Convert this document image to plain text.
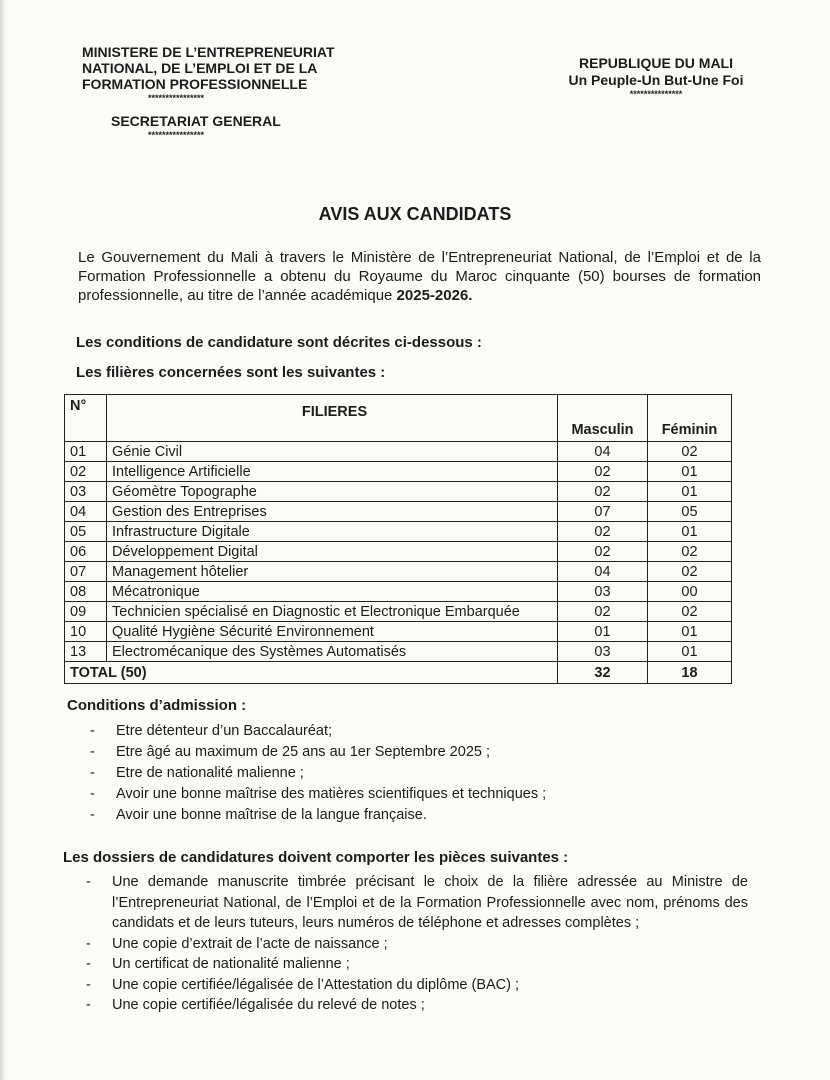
MINISTERE DE L’ENTREPRENEURIAT
NATIONAL, DE L’EMPLOI ET DE LA
FORMATION PROFESSIONNELLE
****************
SECRETARIAT GENERAL
****************
REPUBLIQUE DU MALI
Un Peuple-Un But-Une Foi
***************
AVIS AUX CANDIDATS
Le Gouvernement du Mali à travers le Ministère de l’Entrepreneuriat National, de l’Emploi et de la Formation Professionnelle a obtenu du Royaume du Maroc cinquante (50) bourses de formation professionnelle, au titre de l’année académique 2025-2026.
Les conditions de candidature sont décrites ci-dessous :
Les filières concernées sont les suivantes :
N°	FILIERES	Masculin	Féminin
01	Génie Civil	04	02
02	Intelligence Artificielle	02	01
03	Géomètre Topographe	02	01
04	Gestion des Entreprises	07	05
05	Infrastructure Digitale	02	01
06	Développement Digital	02	02
07	Management hôtelier	04	02
08	Mécatronique	03	00
09	Technicien spécialisé en Diagnostic et Electronique Embarquée	02	02
10	Qualité Hygiène Sécurité Environnement	01	01
13	Electromécanique des Systèmes Automatisés	03	01
TOTAL (50)		32	18
Conditions d’admission :
- Etre détenteur d’un Baccalauréat;
- Etre âgé au maximum de 25 ans au 1er Septembre 2025 ;
- Etre de nationalité malienne ;
- Avoir une bonne maîtrise des matières scientifiques et techniques ;
- Avoir une bonne maîtrise de la langue française.
Les dossiers de candidatures doivent comporter les pièces suivantes :
- Une demande manuscrite timbrée précisant le choix de la filière adressée au Ministre de l’Entrepreneuriat National, de l’Emploi et de la Formation Professionnelle avec nom, prénoms des candidats et de leurs tuteurs, leurs numéros de téléphone et adresses complètes ;
- Une copie d’extrait de l’acte de naissance ;
- Un certificat de nationalité malienne ;
- Une copie certifiée/légalisée de l’Attestation du diplôme (BAC) ;
- Une copie certifiée/légalisée du relevé de notes ;
